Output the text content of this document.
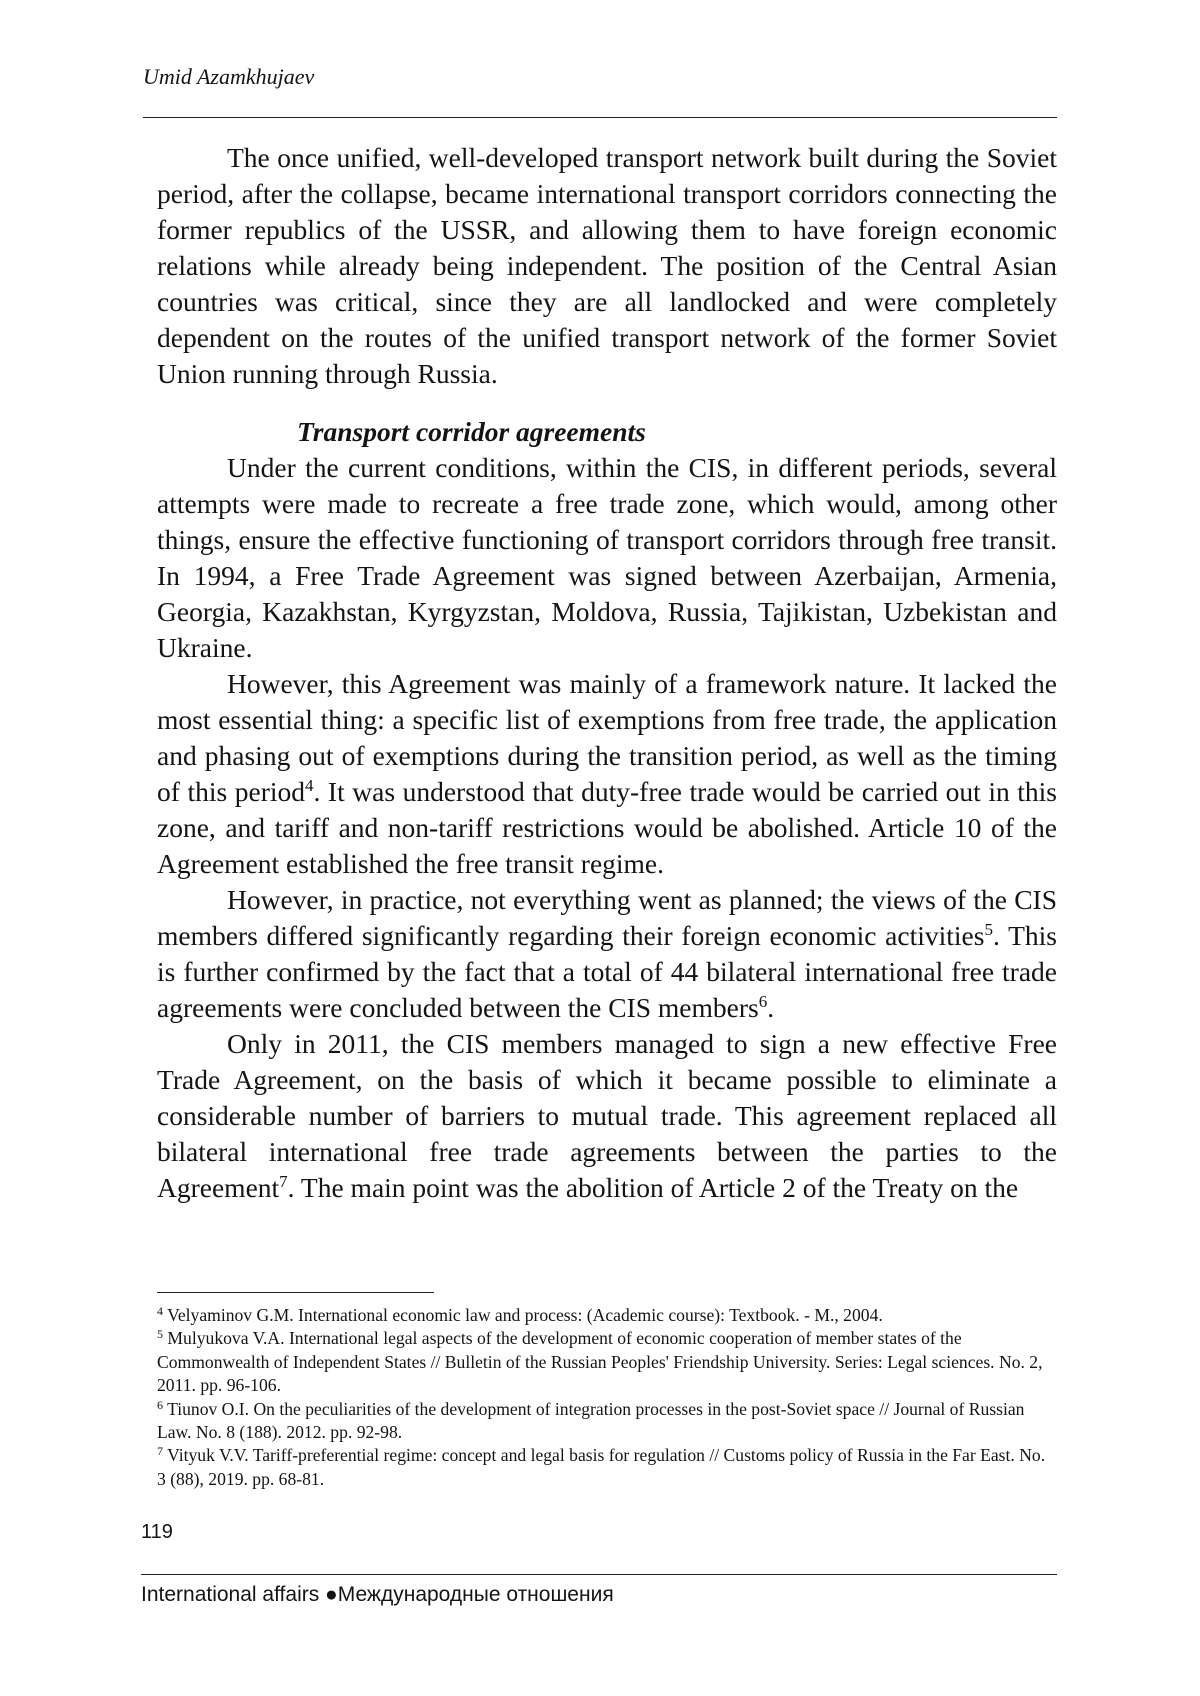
Umid Azamkhujaev

The once unified, well-developed transport network built during the Soviet period, after the collapse, became international transport corridors connecting the former republics of the USSR, and allowing them to have foreign economic relations while already being independent. The position of the Central Asian countries was critical, since they are all landlocked and were completely dependent on the routes of the unified transport network of the former Soviet Union running through Russia.

Transport corridor agreements

Under the current conditions, within the CIS, in different periods, several attempts were made to recreate a free trade zone, which would, among other things, ensure the effective functioning of transport corridors through free transit. In 1994, a Free Trade Agreement was signed between Azerbaijan, Armenia, Georgia, Kazakhstan, Kyrgyzstan, Moldova, Russia, Tajikistan, Uzbekistan and Ukraine.

However, this Agreement was mainly of a framework nature. It lacked the most essential thing: a specific list of exemptions from free trade, the application and phasing out of exemptions during the transition period, as well as the timing of this period$^4$. It was understood that duty-free trade would be carried out in this zone, and tariff and non-tariff restrictions would be abolished. Article 10 of the Agreement established the free transit regime.

However, in practice, not everything went as planned; the views of the CIS members differed significantly regarding their foreign economic activities$^5$. This is further confirmed by the fact that a total of 44 bilateral international free trade agreements were concluded between the CIS members$^6$.

Only in 2011, the CIS members managed to sign a new effective Free Trade Agreement, on the basis of which it became possible to eliminate a considerable number of barriers to mutual trade. This agreement replaced all bilateral international free trade agreements between the parties to the Agreement$^7$. The main point was the abolition of Article 2 of the Treaty on the

$^4$ Velyaminov G.M. International economic law and process: (Academic course): Textbook. - M., 2004.

$^5$ Mulyukova V.A. International legal aspects of the development of economic cooperation of member states of the Commonwealth of Independent States // Bulletin of the Russian Peoples' Friendship University. Series: Legal sciences. No. 2, 2011. pp. 96-106.

$^6$ Tiunov O.I. On the peculiarities of the development of integration processes in the post-Soviet space // Journal of Russian Law. No. 8 (188). 2012. pp. 92-98.

$^7$ Vityuk V.V. Tariff-preferential regime: concept and legal basis for regulation // Customs policy of Russia in the Far East. No. 3 (88), 2019. pp. 68-81.

119
International affairs ●Международные отношения
